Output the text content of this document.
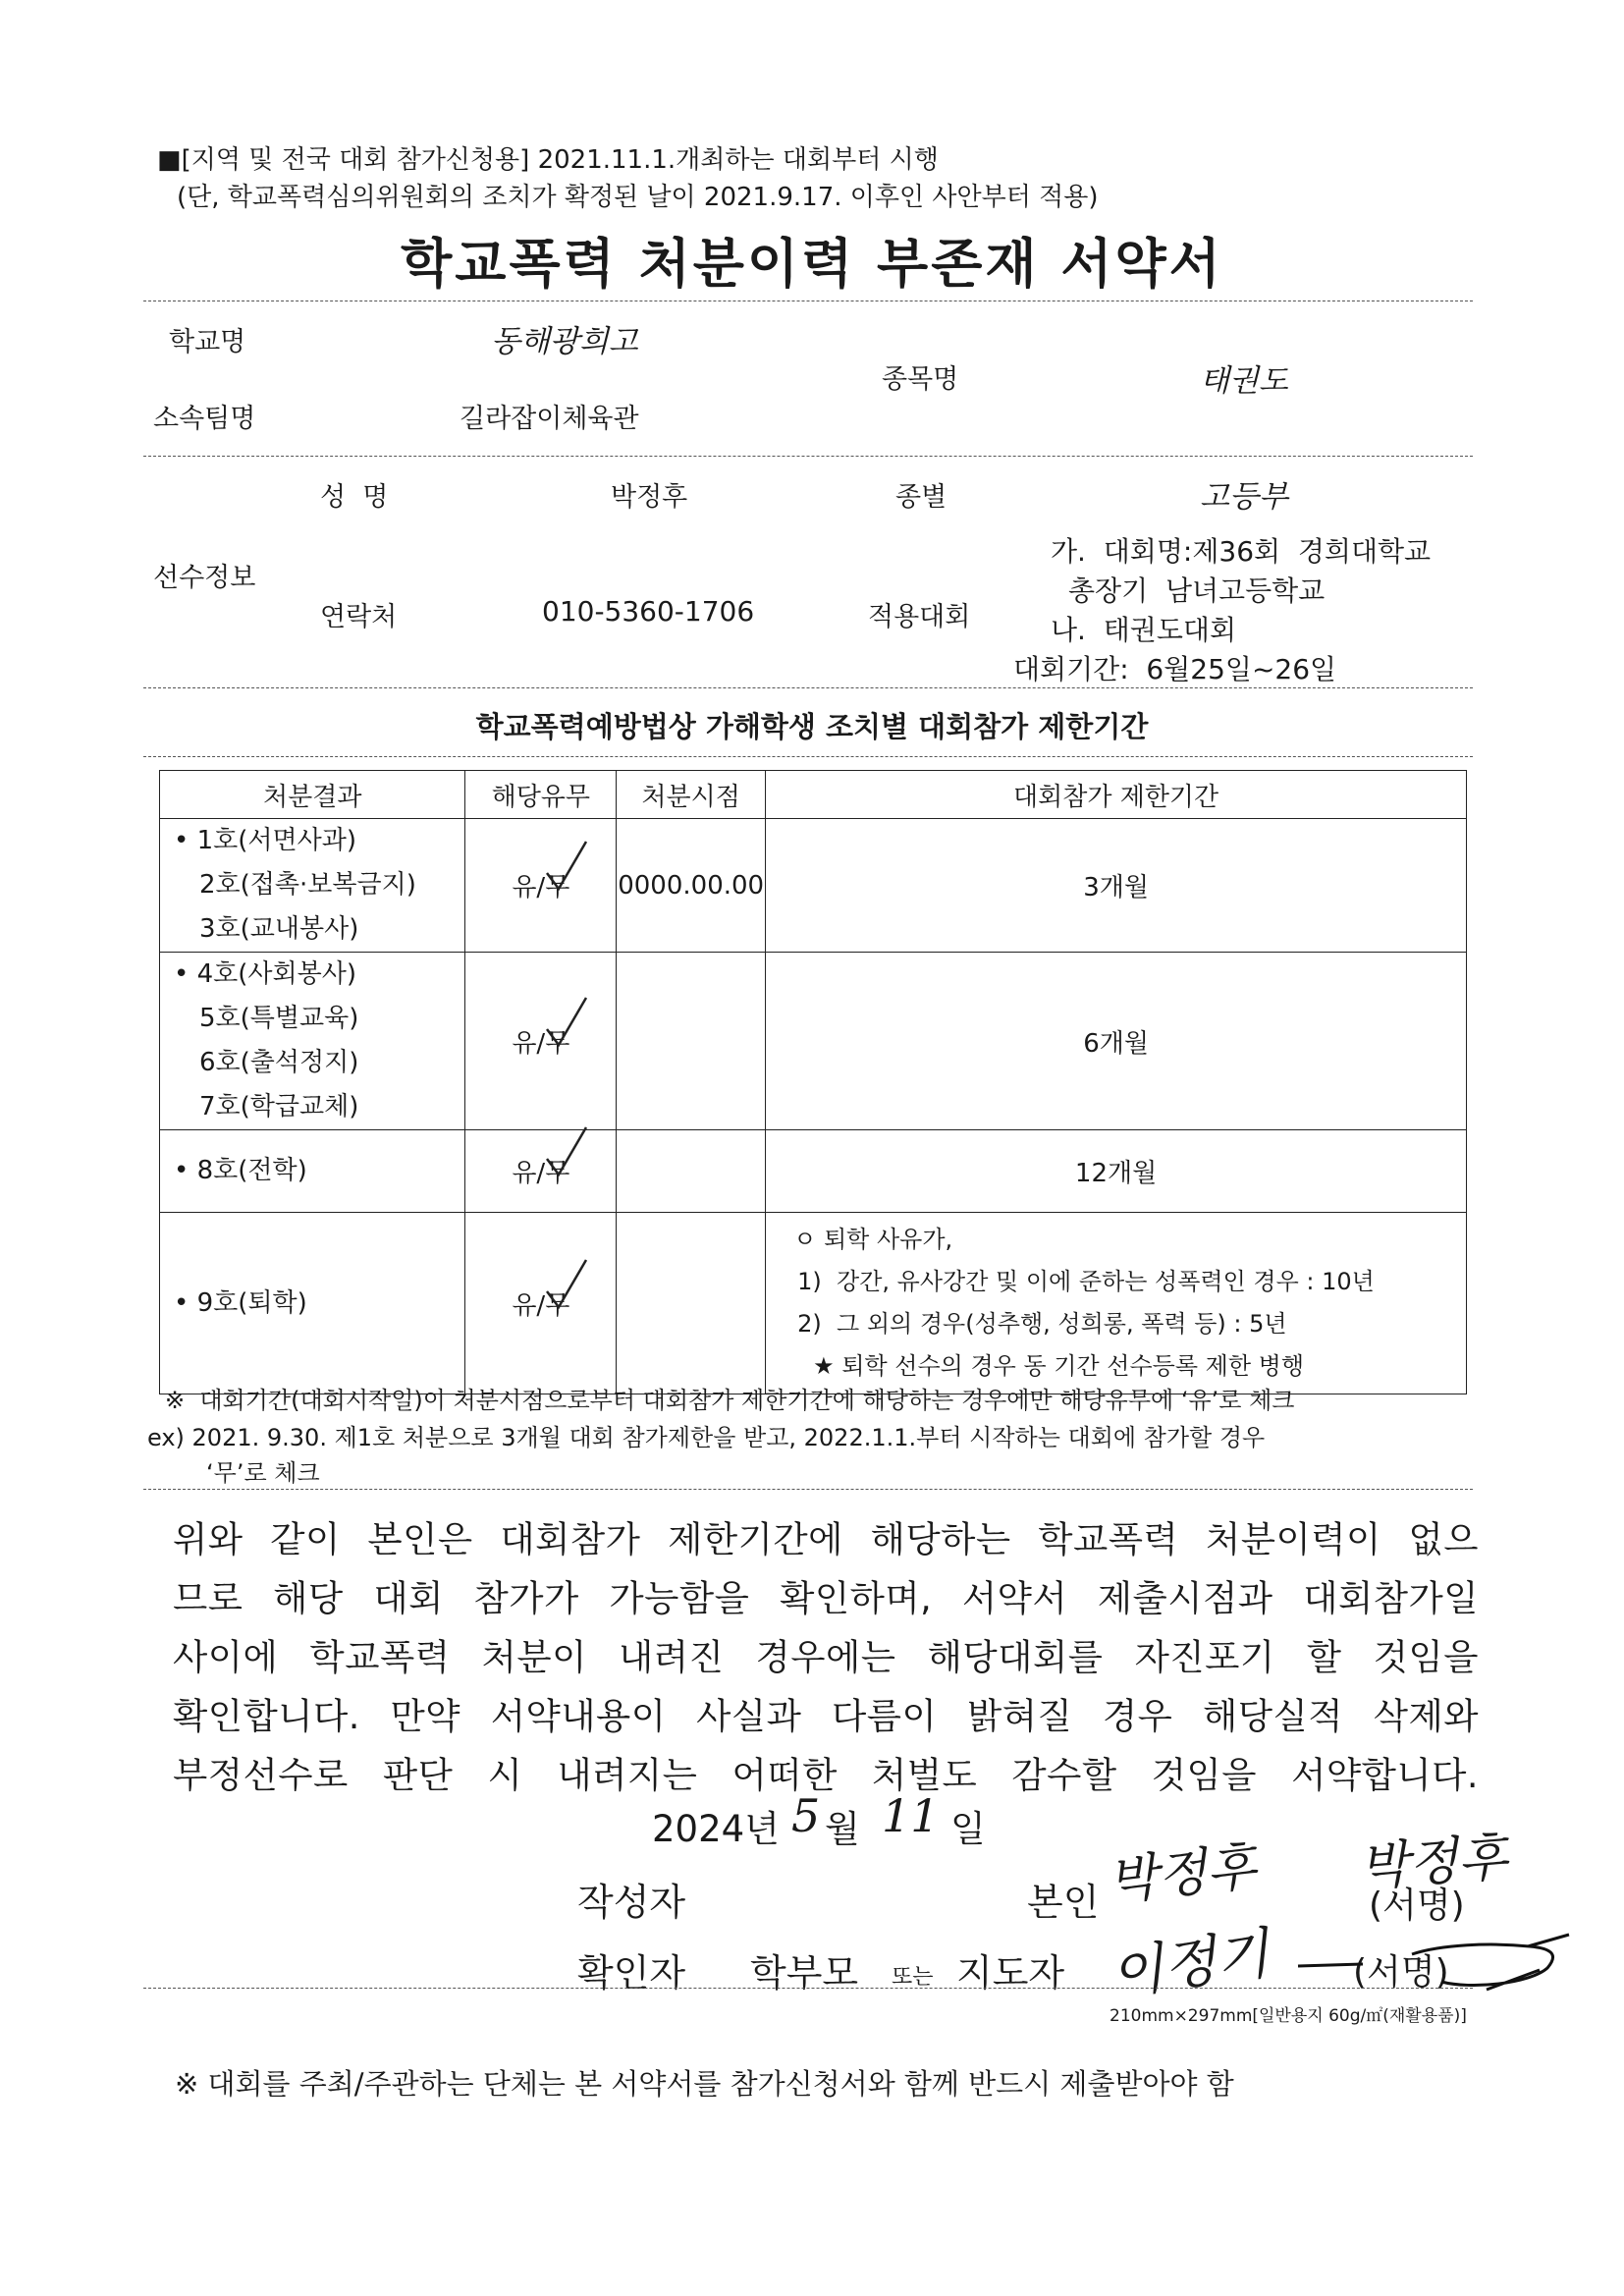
■[지역 및 전국 대회 참가신청용] 2021.11.1.개최하는 대회부터 시행
(단, 학교폭력심의위원회의 조치가 확정된 날이 2021.9.17. 이후인 사안부터 적용)
학교폭력 처분이력 부존재 서약서
학교명	동해광희고
종목명	태권도
소속팀명	길라잡이체육관
성  명	박정후	종별	고등부
선수정보
연락처	010-5360-1706	적용대회
가.  대회명:제36회  경희대학교
총장기  남녀고등학교
나.  태권도대회
대회기간:  6월25일~26일
학교폭력예방법상 가해학생 조치별 대회참가 제한기간
처분결과	해당유무	처분시점	대회참가 제한기간

• 1호(서면사과)
2호(접촉·보복금지)
3호(교내봉사)	유/무	0000.00.00	3개월

• 4호(사회봉사)
5호(특별교육)
6호(출석정지)
7호(학급교체)	유/무		6개월

• 8호(전학)	유/무		12개월

• 9호(퇴학)	유/무		ㅇ 퇴학 사유가,
1)  강간, 유사강간 및 이에 준하는 성폭력인 경우 : 10년
2)  그 외의 경우(성추행, 성희롱, 폭력 등) : 5년
★ 퇴학 선수의 경우 동 기간 선수등록 제한 병행
※  대회기간(대회시작일)이 처분시점으로부터 대회참가 제한기간에 해당하는 경우에만 해당유무에 ‘유’로 체크
ex) 2021. 9.30. 제1호 처분으로 3개월 대회 참가제한을 받고, 2022.1.1.부터 시작하는 대회에 참가할 경우
‘무’로 체크
위와 같이 본인은 대회참가 제한기간에 해당하는 학교폭력 처분이력이 없으
므로 해당 대회 참가가 가능함을 확인하며, 서약서 제출시점과 대회참가일
사이에 학교폭력 처분이 내려진 경우에는 해당대회를 자진포기 할 것임을
확인합니다. 만약 서약내용이 사실과 다름이 밝혀질 경우 해당실적 삭제와
부정선수로 판단 시 내려지는 어떠한 처벌도 감수할 것임을 서약합니다.
2024년 5 월 11 일
작성자	본인 박정후 박정후
(서명)
확인자 학부모 또는 지도자 이정기 (서명)
210mm×297mm[일반용지 60g/㎡(재활용품)]
※ 대회를 주최/주관하는 단체는 본 서약서를 참가신청서와 함께 반드시 제출받아야 함
